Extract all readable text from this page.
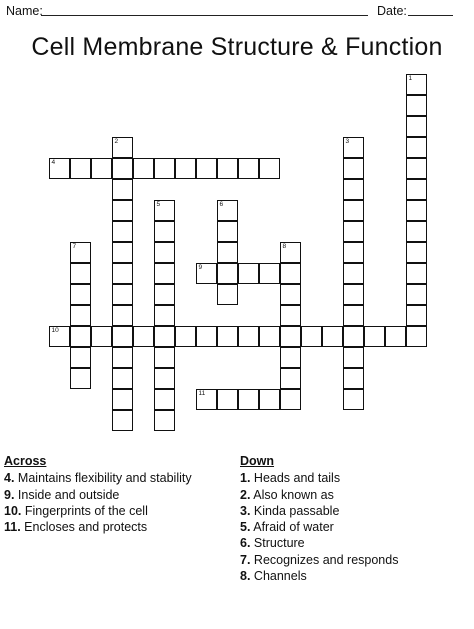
Name:	Date:
Cell Membrane Structure & Function
1
2	3
4
5	6
7	8
9
10
11
Across
4. Maintains flexibility and stability
9. Inside and outside
10. Fingerprints of the cell
11. Encloses and protects
Down
1. Heads and tails
2. Also known as
3. Kinda passable
5. Afraid of water
6. Structure
7. Recognizes and responds
8. Channels
